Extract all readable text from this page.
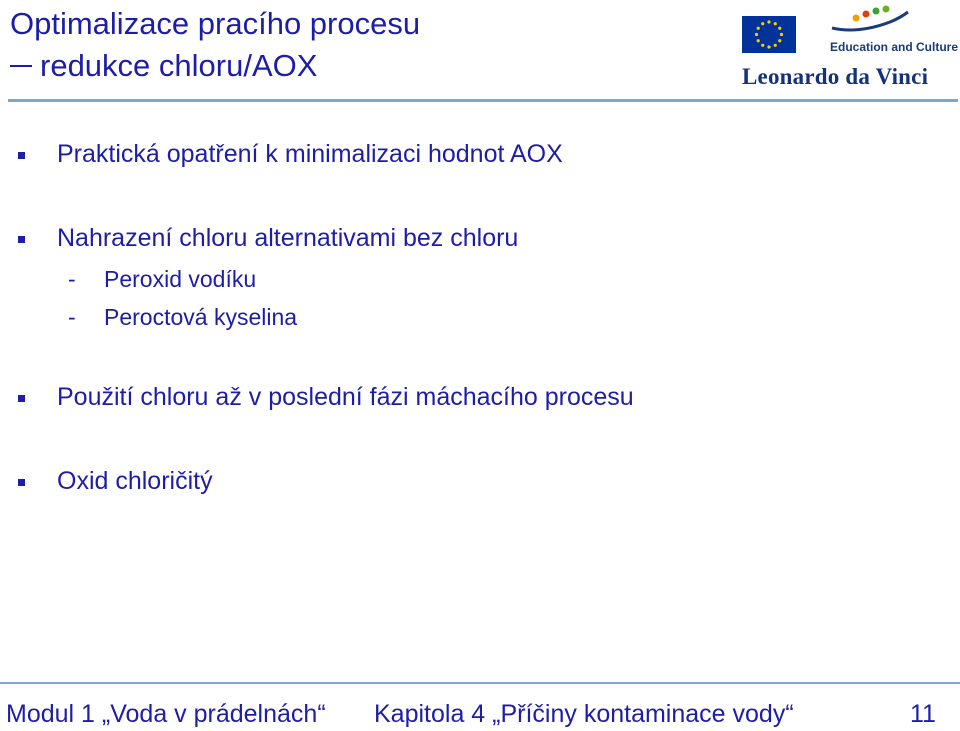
Optimalizace pracího procesu
redukce chloru/AOX
Education and Culture
Leonardo da Vinci
Praktická opatření k minimalizaci hodnot AOX
Nahrazení chloru alternativami bez chloru
- Peroxid vodíku
- Peroctová kyselina
Použití chloru až v poslední fázi máchacího procesu
Oxid chloričitý
Modul 1 „Voda v prádelnách“ Kapitola 4 „Příčiny kontaminace vody“	11
